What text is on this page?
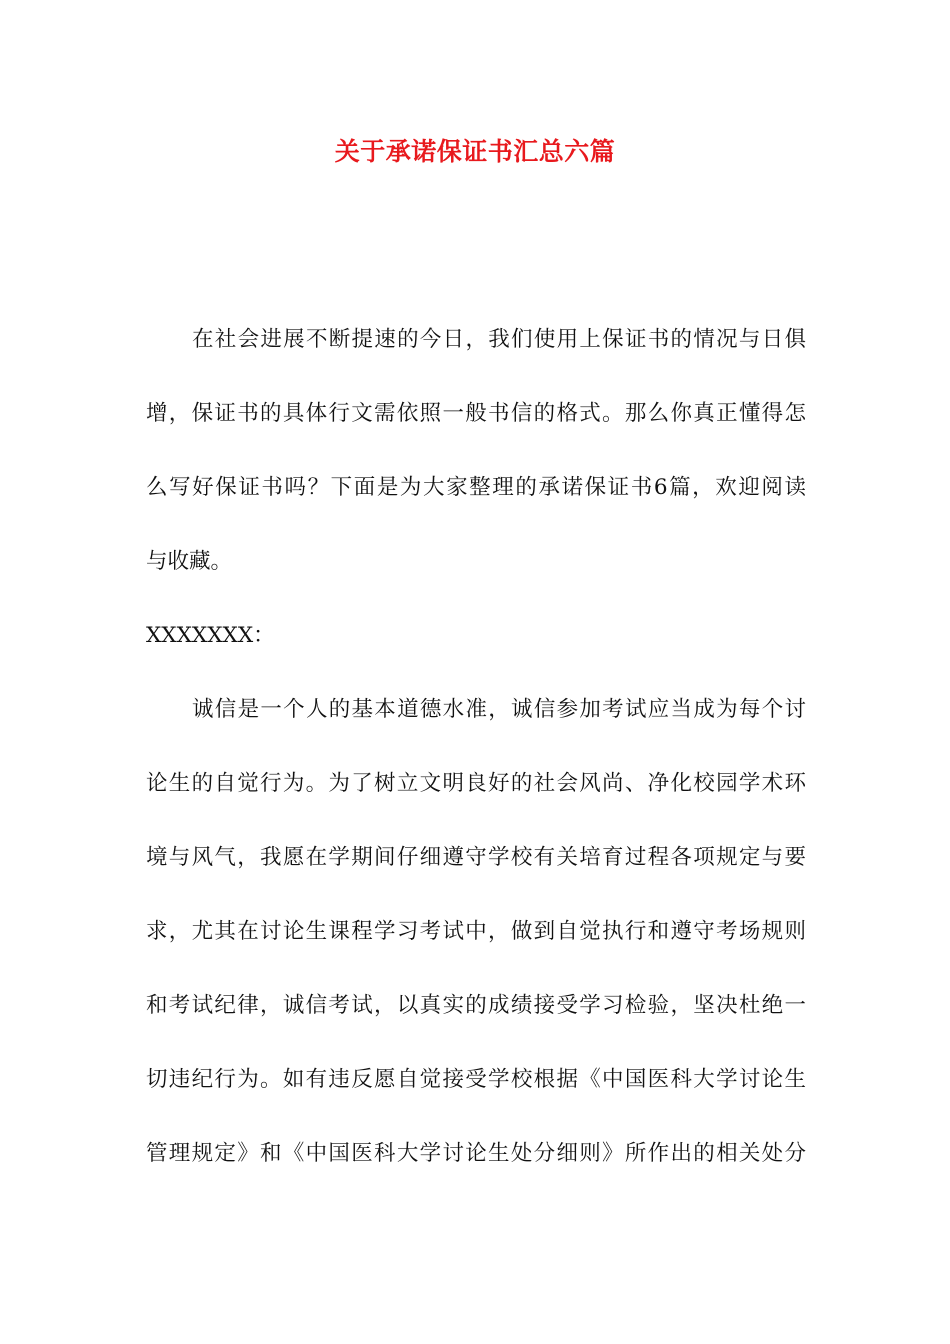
关于承诺保证书汇总六篇
在社会进展不断提速的今日，我们使用上保证书的情况与日俱
增，保证书的具体行文需依照一般书信的格式。那么你真正懂得怎
么写好保证书吗？下面是为大家整理的承诺保证书6篇，欢迎阅读
与收藏。
XXXXXXX：
诚信是一个人的基本道德水准，诚信参加考试应当成为每个讨
论生的自觉行为。为了树立文明良好的社会风尚、净化校园学术环
境与风气，我愿在学期间仔细遵守学校有关培育过程各项规定与要
求，尤其在讨论生课程学习考试中，做到自觉执行和遵守考场规则
和考试纪律，诚信考试，以真实的成绩接受学习检验，坚决杜绝一
切违纪行为。如有违反愿自觉接受学校根据《中国医科大学讨论生
管理规定》和《中国医科大学讨论生处分细则》所作出的相关处分
